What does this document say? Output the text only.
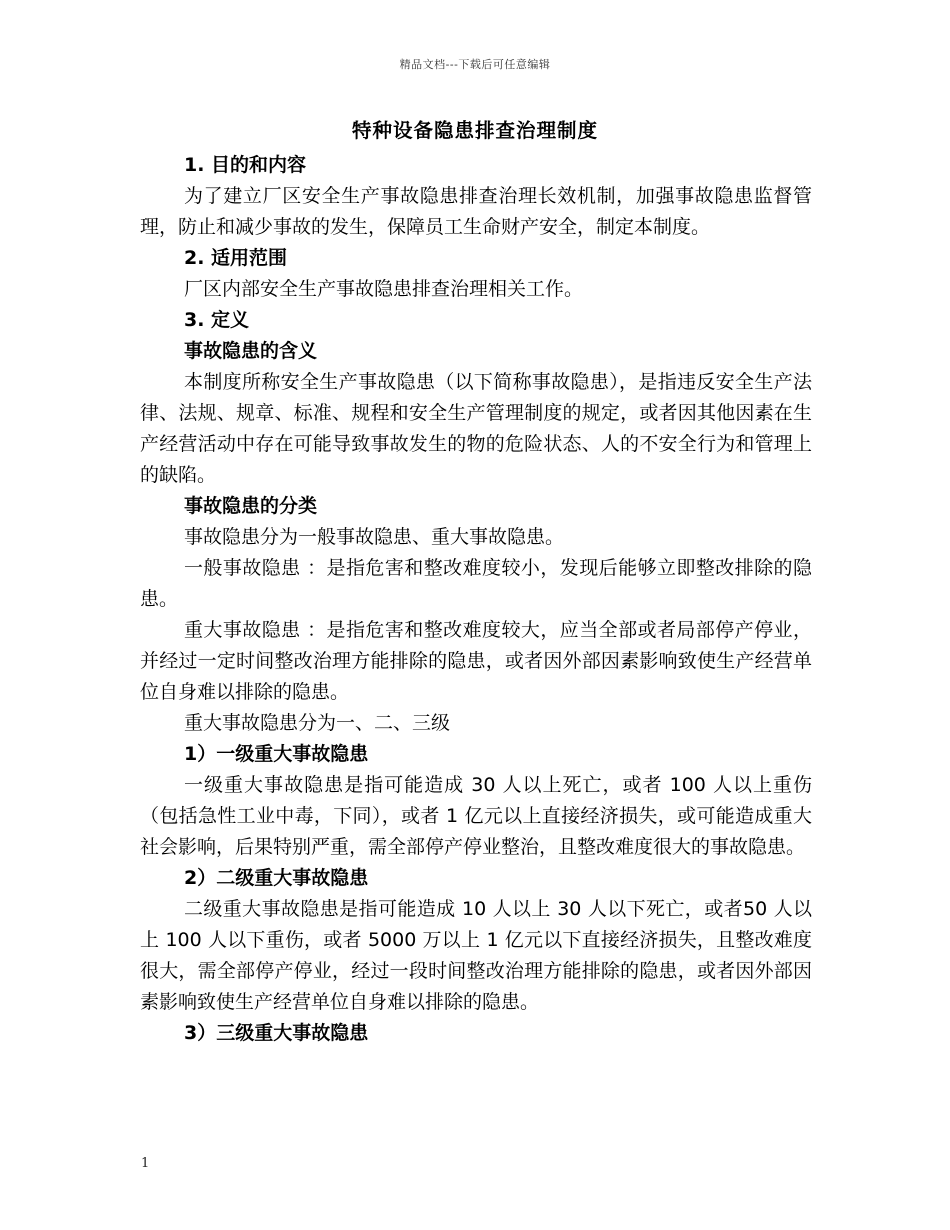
精品文档---下载后可任意编辑
特种设备隐患排查治理制度

1. 目的和内容

为了建立厂区安全生产事故隐患排查治理长效机制，加强事故隐患监督管理，防止和减少事故的发生，保障员工生命财产安全，制定本制度。

2. 适用范围

厂区内部安全生产事故隐患排查治理相关工作。

3. 定义

事故隐患的含义

本制度所称安全生产事故隐患（以下简称事故隐患），是指违反安全生产法律、法规、规章、标准、规程和安全生产管理制度的规定，或者因其他因素在生产经营活动中存在可能导致事故发生的物的危险状态、人的不安全行为和管理上的缺陷。

事故隐患的分类

事故隐患分为一般事故隐患、重大事故隐患。

一般事故隐患 ：是指危害和整改难度较小，发现后能够立即整改排除的隐患。

重大事故隐患 ：是指危害和整改难度较大，应当全部或者局部停产停业，并经过一定时间整改治理方能排除的隐患，或者因外部因素影响致使生产经营单位自身难以排除的隐患。

重大事故隐患分为一、二、三级

1）一级重大事故隐患

一级重大事故隐患是指可能造成 30 人以上死亡，或者 100 人以上重伤（包括急性工业中毒，下同），或者 1 亿元以上直接经济损失，或可能造成重大社会影响，后果特别严重，需全部停产停业整治，且整改难度很大的事故隐患。

2）二级重大事故隐患

二级重大事故隐患是指可能造成 10 人以上 30 人以下死亡，或者50 人以上 100 人以下重伤，或者 5000 万以上 1 亿元以下直接经济损失，且整改难度很大，需全部停产停业，经过一段时间整改治理方能排除的隐患，或者因外部因素影响致使生产经营单位自身难以排除的隐患。

3）三级重大事故隐患

1
